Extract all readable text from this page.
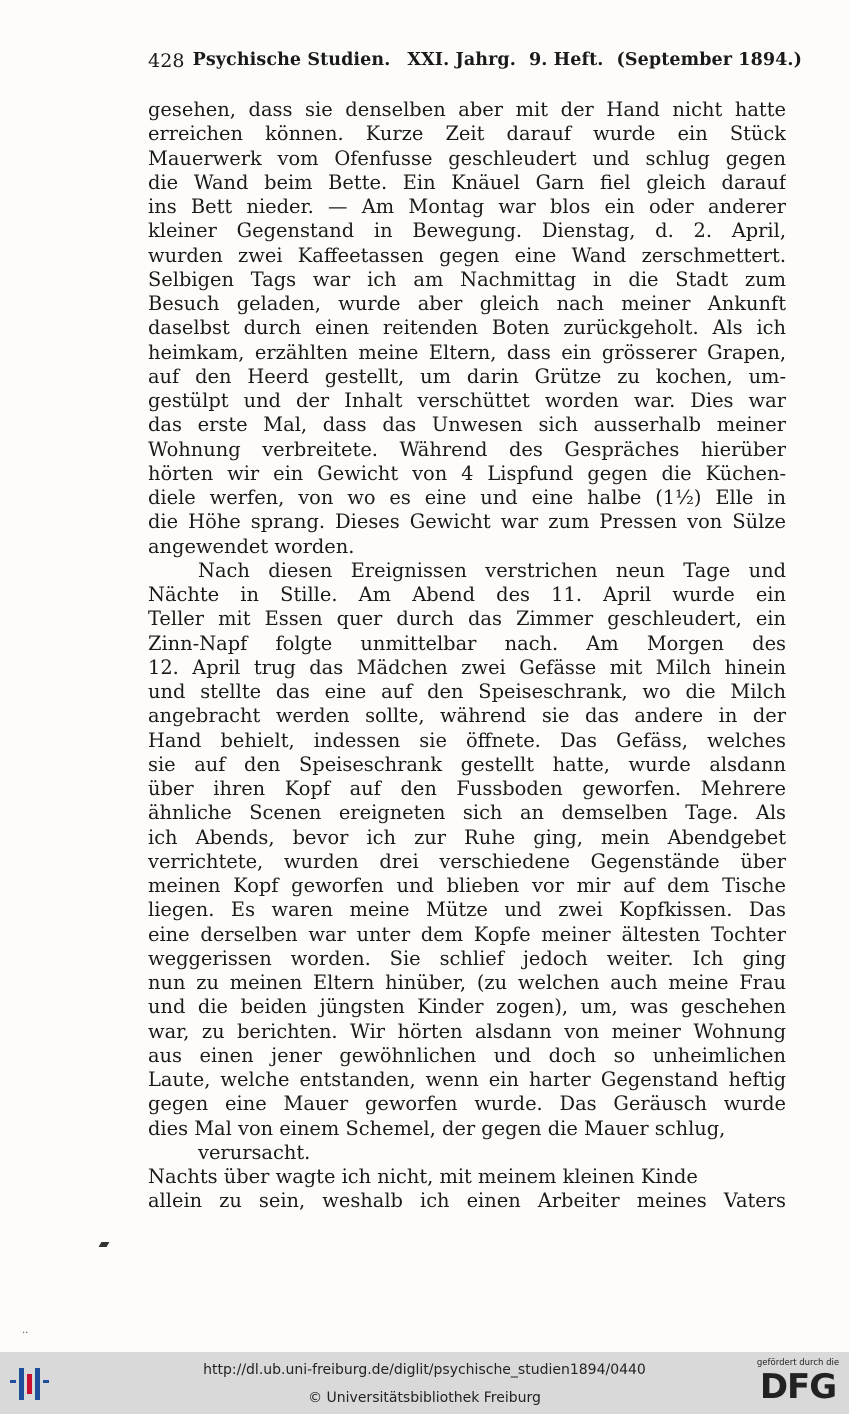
428 Psychische Studien. XXI. Jahrg. 9. Heft. (September 1894.)
gesehen, dass sie denselben aber mit der Hand nicht hatte
erreichen können. Kurze Zeit darauf wurde ein Stück
Mauerwerk vom Ofenfusse geschleudert und schlug gegen
die Wand beim Bette. Ein Knäuel Garn fiel gleich darauf
ins Bett nieder. — Am Montag war blos ein oder anderer
kleiner Gegenstand in Bewegung. Dienstag, d. 2. April,
wurden zwei Kaffeetassen gegen eine Wand zerschmettert.
Selbigen Tags war ich am Nachmittag in die Stadt zum
Besuch geladen, wurde aber gleich nach meiner Ankunft
daselbst durch einen reitenden Boten zurückgeholt. Als ich
heimkam, erzählten meine Eltern, dass ein grösserer Grapen,
auf den Heerd gestellt, um darin Grütze zu kochen, um-
gestülpt und der Inhalt verschüttet worden war. Dies war
das erste Mal, dass das Unwesen sich ausserhalb meiner
Wohnung verbreitete. Während des Gespräches hierüber
hörten wir ein Gewicht von 4 Lispfund gegen die Küchen-
diele werfen, von wo es eine und eine halbe (1½) Elle in
die Höhe sprang. Dieses Gewicht war zum Pressen von Sülze
angewendet worden.
Nach diesen Ereignissen verstrichen neun Tage und
Nächte in Stille. Am Abend des 11. April wurde ein
Teller mit Essen quer durch das Zimmer geschleudert, ein
Zinn-Napf folgte unmittelbar nach. Am Morgen des
12. April trug das Mädchen zwei Gefässe mit Milch hinein
und stellte das eine auf den Speiseschrank, wo die Milch
angebracht werden sollte, während sie das andere in der
Hand behielt, indessen sie öffnete. Das Gefäss, welches
sie auf den Speiseschrank gestellt hatte, wurde alsdann
über ihren Kopf auf den Fussboden geworfen. Mehrere
ähnliche Scenen ereigneten sich an demselben Tage. Als
ich Abends, bevor ich zur Ruhe ging, mein Abendgebet
verrichtete, wurden drei verschiedene Gegenstände über
meinen Kopf geworfen und blieben vor mir auf dem Tische
liegen. Es waren meine Mütze und zwei Kopfkissen. Das
eine derselben war unter dem Kopfe meiner ältesten Tochter
weggerissen worden. Sie schlief jedoch weiter. Ich ging
nun zu meinen Eltern hinüber, (zu welchen auch meine Frau
und die beiden jüngsten Kinder zogen), um, was geschehen
war, zu berichten. Wir hörten alsdann von meiner Wohnung
aus einen jener gewöhnlichen und doch so unheimlichen
Laute, welche entstanden, wenn ein harter Gegenstand heftig
gegen eine Mauer geworfen wurde. Das Geräusch wurde
dies Mal von einem Schemel, der gegen die Mauer schlug,
verursacht.
Nachts über wagte ich nicht, mit meinem kleinen Kinde
allein zu sein, weshalb ich einen Arbeiter meines Vaters
··
http://dl.ub.uni-freiburg.de/diglit/psychische_studien1894/0440
© Universitätsbibliothek Freiburg
gefördert durch die
DFG
